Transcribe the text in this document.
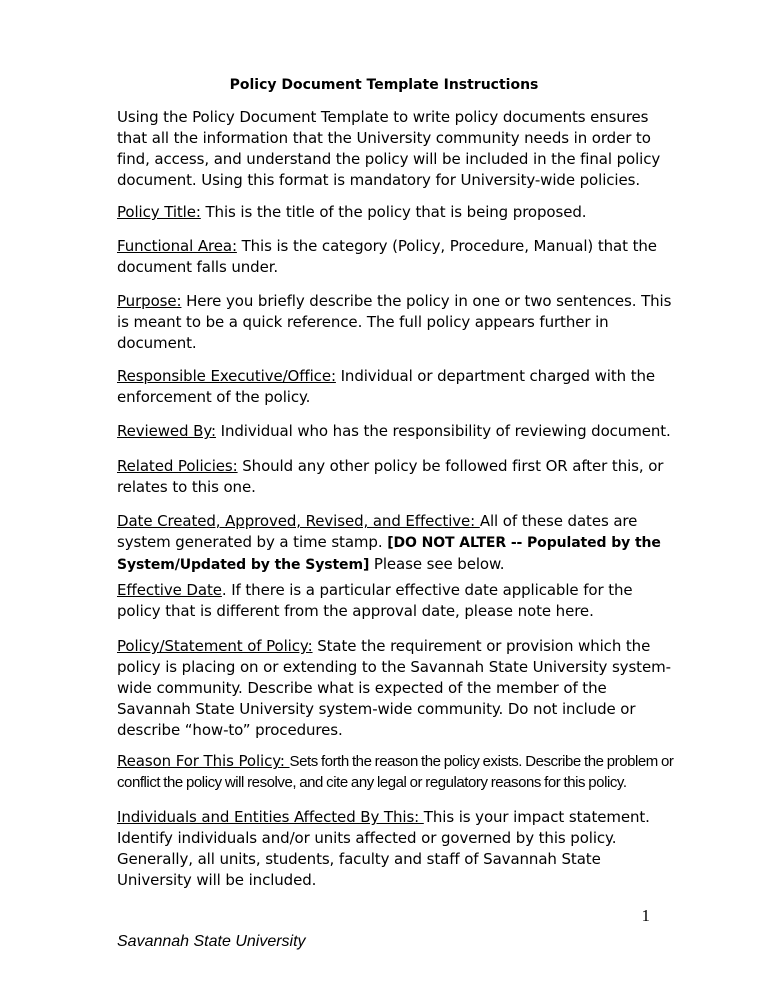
Policy Document Template Instructions
Using the Policy Document Template to write policy documents ensures that all the information that the University community needs in order to find, access, and understand the policy will be included in the final policy document. Using this format is mandatory for University-wide policies.
Policy Title: This is the title of the policy that is being proposed.
Functional Area: This is the category (Policy, Procedure, Manual) that the document falls under.
Purpose: Here you briefly describe the policy in one or two sentences. This is meant to be a quick reference. The full policy appears further in document.
Responsible Executive/Office: Individual or department charged with the enforcement of the policy.
Reviewed By: Individual who has the responsibility of reviewing document.
Related Policies: Should any other policy be followed first OR after this, or relates to this one.
Date Created, Approved, Revised, and Effective: All of these dates are system generated by a time stamp. [DO NOT ALTER -- Populated by the System/Updated by the System] Please see below.
Effective Date. If there is a particular effective date applicable for the policy that is different from the approval date, please note here.
Policy/Statement of Policy: State the requirement or provision which the policy is placing on or extending to the Savannah State University system-wide community. Describe what is expected of the member of the Savannah State University system-wide community. Do not include or describe “how-to” procedures.
Reason For This Policy: Sets forth the reason the policy exists. Describe the problem or conflict the policy will resolve, and cite any legal or regulatory reasons for this policy.
Individuals and Entities Affected By This: This is your impact statement. Identify individuals and/or units affected or governed by this policy. Generally, all units, students, faculty and staff of Savannah State University will be included.
1
Savannah State University
